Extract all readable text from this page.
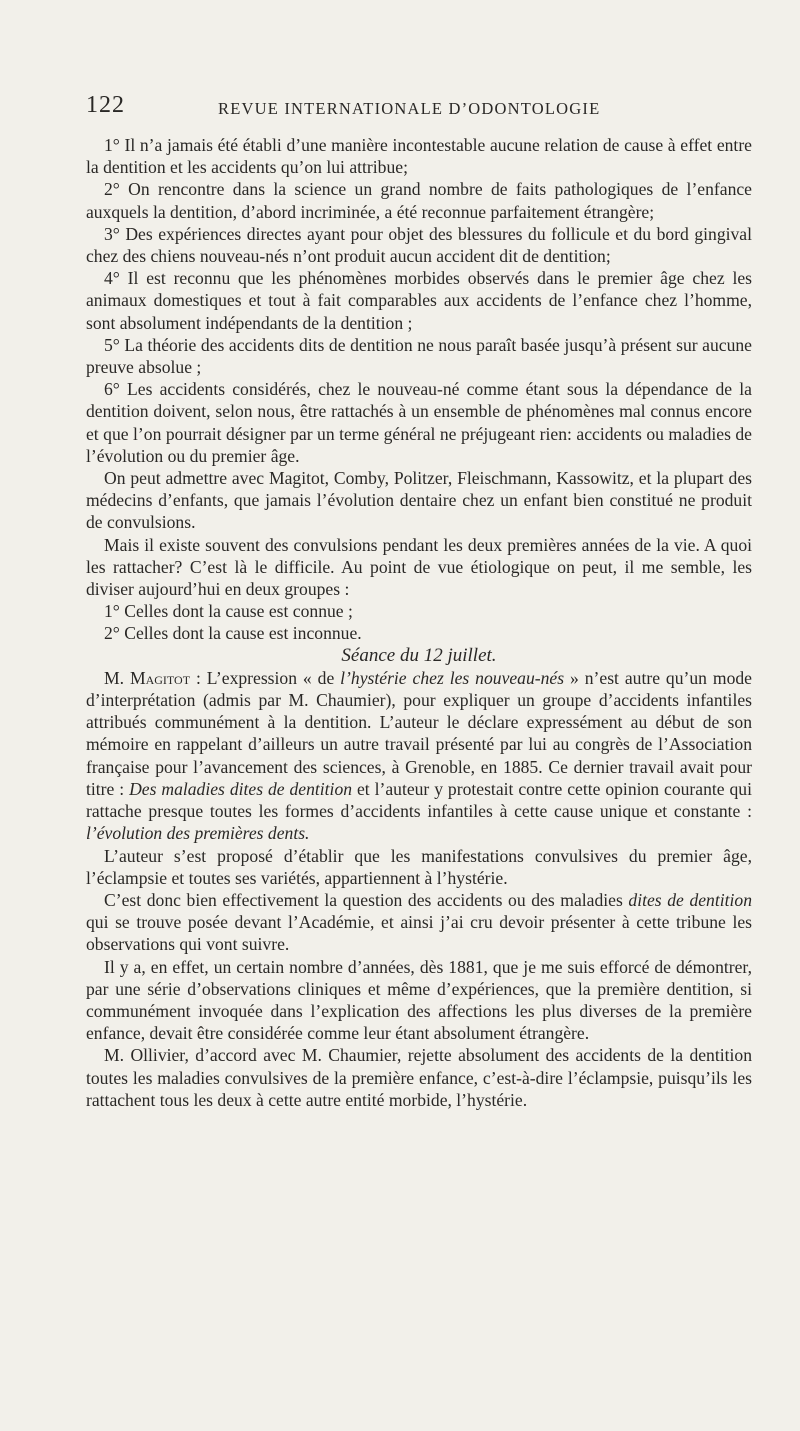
122	REVUE INTERNATIONALE D’ODONTOLOGIE

1° Il n’a jamais été établi d’une manière incontestable aucune relation de cause à effet entre la dentition et les accidents qu’on lui attribue;

2° On rencontre dans la science un grand nombre de faits pathologiques de l’enfance auxquels la dentition, d’abord incriminée, a été reconnue parfaitement étrangère;

3° Des expériences directes ayant pour objet des blessures du follicule et du bord gingival chez des chiens nouveau-nés n’ont produit aucun accident dit de dentition;

4° Il est reconnu que les phénomènes morbides observés dans le premier âge chez les animaux domestiques et tout à fait comparables aux accidents de l’enfance chez l’homme, sont absolument indépendants de la dentition ;

5° La théorie des accidents dits de dentition ne nous paraît basée jusqu’à présent sur aucune preuve absolue ;

6° Les accidents considérés, chez le nouveau-né comme étant sous la dépendance de la dentition doivent, selon nous, être rattachés à un ensemble de phénomènes mal connus encore et que l’on pourrait désigner par un terme général ne préjugeant rien: accidents ou maladies de l’évolution ou du premier âge.

On peut admettre avec Magitot, Comby, Politzer, Fleischmann, Kassowitz, et la plupart des médecins d’enfants, que jamais l’évolution dentaire chez un enfant bien constitué ne produit de convulsions.

Mais il existe souvent des convulsions pendant les deux premières années de la vie. A quoi les rattacher? C’est là le difficile. Au point de vue étiologique on peut, il me semble, les diviser aujourd’hui en deux groupes :

1° Celles dont la cause est connue ;

2° Celles dont la cause est inconnue.

Séance du 12 juillet.

M. Magitot : L’expression « de l’hystérie chez les nouveau-nés » n’est autre qu’un mode d’interprétation (admis par M. Chaumier), pour expliquer un groupe d’accidents infantiles attribués communément à la dentition. L’auteur le déclare expressément au début de son mémoire en rappelant d’ailleurs un autre travail présenté par lui au congrès de l’Association française pour l’avancement des sciences, à Grenoble, en 1885. Ce dernier travail avait pour titre : Des maladies dites de dentition et l’auteur y protestait contre cette opinion courante qui rattache presque toutes les formes d’accidents infantiles à cette cause unique et constante : l’évolution des premières dents.

L’auteur s’est proposé d’établir que les manifestations convulsives du premier âge, l’éclampsie et toutes ses variétés, appartiennent à l’hystérie.

C’est donc bien effectivement la question des accidents ou des maladies dites de dentition qui se trouve posée devant l’Académie, et ainsi j’ai cru devoir présenter à cette tribune les observations qui vont suivre.

Il y a, en effet, un certain nombre d’années, dès 1881, que je me suis efforcé de démontrer, par une série d’observations cliniques et même d’expériences, que la première dentition, si communément invoquée dans l’explication des affections les plus diverses de la première enfance, devait être considérée comme leur étant absolument étrangère.

M. Ollivier, d’accord avec M. Chaumier, rejette absolument des accidents de la dentition toutes les maladies convulsives de la première enfance, c’est-à-dire l’éclampsie, puisqu’ils les rattachent tous les deux à cette autre entité morbide, l’hystérie.
